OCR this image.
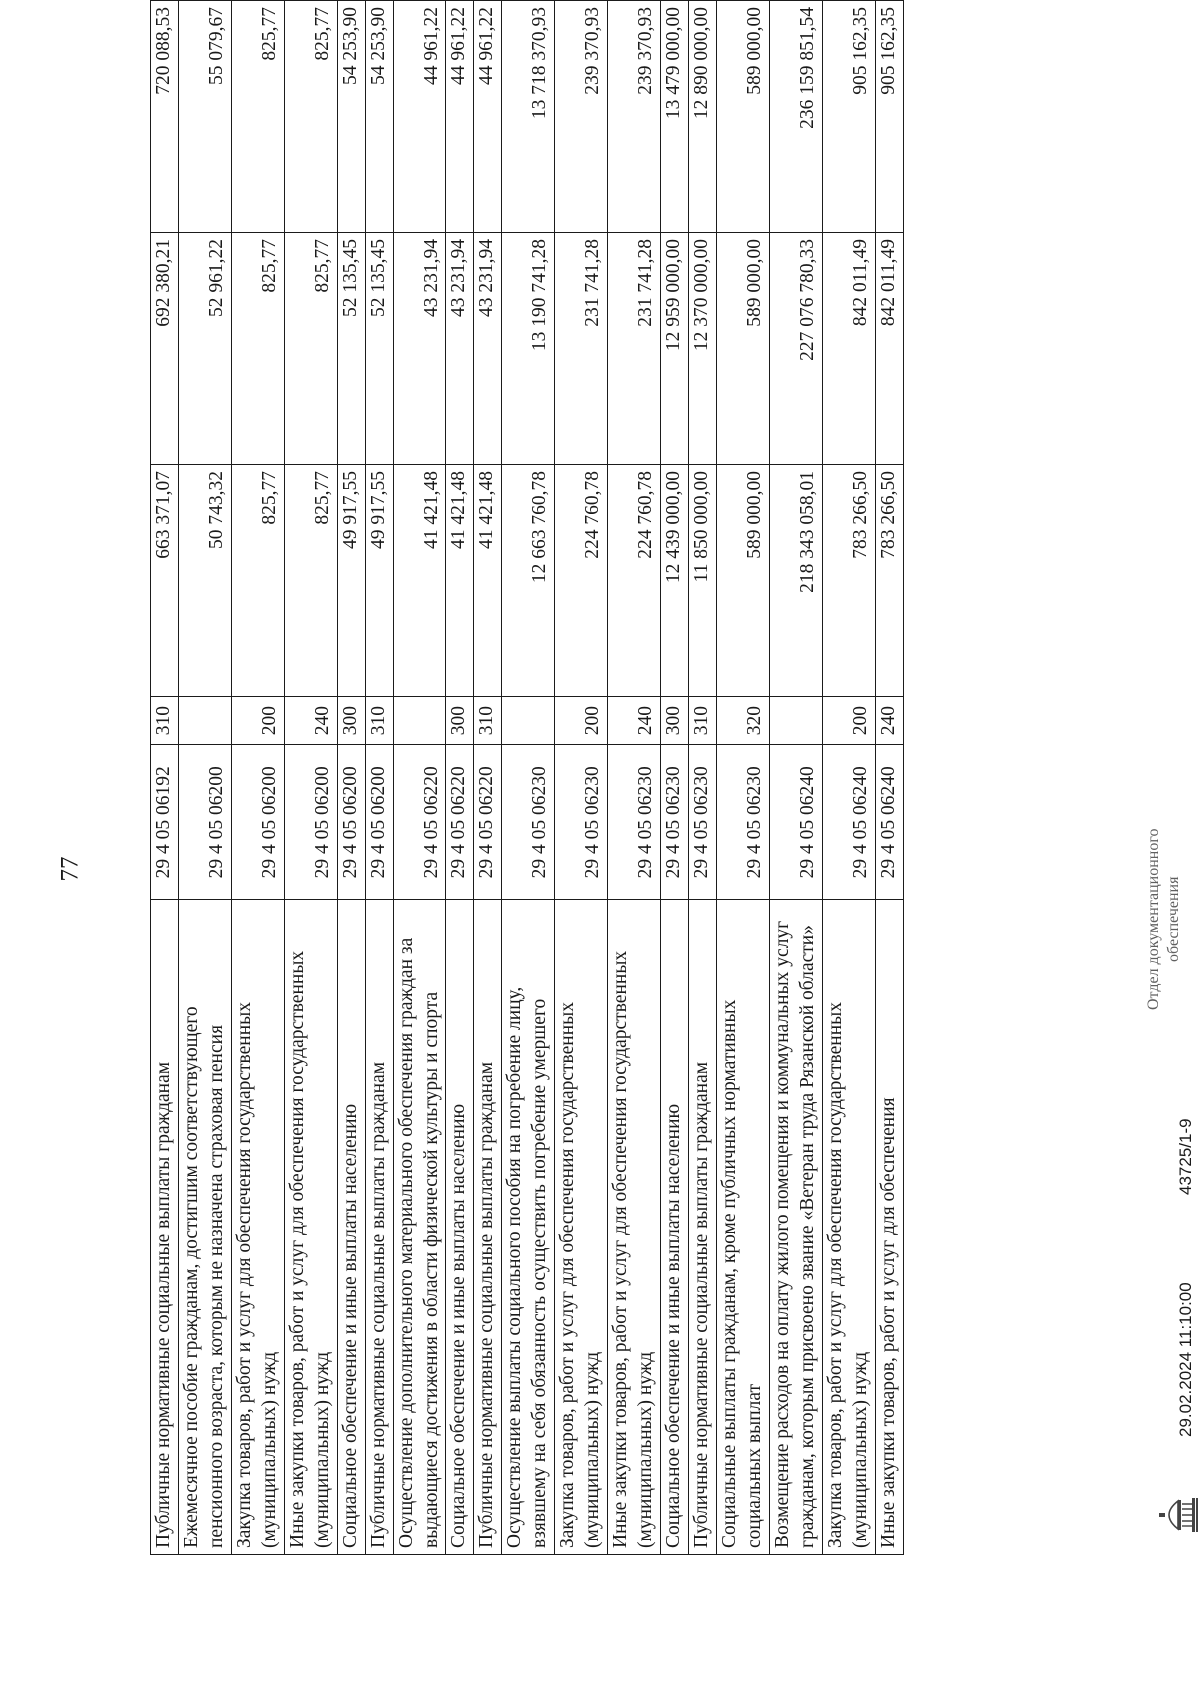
77
Публичные нормативные социальные выплаты гражданам	29 4 05 06192	310	663 371,07	692 380,21	720 088,53
Ежемесячное пособие гражданам, достигшим соответствующего пенсионного возраста, которым не назначена страховая пенсия	29 4 05 06200		50 743,32	52 961,22	55 079,67
Закупка товаров, работ и услуг для обеспечения государственных (муниципальных) нужд	29 4 05 06200	200	825,77	825,77	825,77
Иные закупки товаров, работ и услуг для обеспечения государственных (муниципальных) нужд	29 4 05 06200	240	825,77	825,77	825,77
Социальное обеспечение и иные выплаты населению	29 4 05 06200	300	49 917,55	52 135,45	54 253,90
Публичные нормативные социальные выплаты гражданам	29 4 05 06200	310	49 917,55	52 135,45	54 253,90
Осуществление дополнительного материального обеспечения граждан за выдающиеся достижения в области физической культуры и спорта	29 4 05 06220		41 421,48	43 231,94	44 961,22
Социальное обеспечение и иные выплаты населению	29 4 05 06220	300	41 421,48	43 231,94	44 961,22
Публичные нормативные социальные выплаты гражданам	29 4 05 06220	310	41 421,48	43 231,94	44 961,22
Осуществление выплаты социального пособия на погребение лицу, взявшему на себя обязанность осуществить погребение умершего	29 4 05 06230		12 663 760,78	13 190 741,28	13 718 370,93
Закупка товаров, работ и услуг для обеспечения государственных (муниципальных) нужд	29 4 05 06230	200	224 760,78	231 741,28	239 370,93
Иные закупки товаров, работ и услуг для обеспечения государственных (муниципальных) нужд	29 4 05 06230	240	224 760,78	231 741,28	239 370,93
Социальное обеспечение и иные выплаты населению	29 4 05 06230	300	12 439 000,00	12 959 000,00	13 479 000,00
Публичные нормативные социальные выплаты гражданам	29 4 05 06230	310	11 850 000,00	12 370 000,00	12 890 000,00
Социальные выплаты гражданам, кроме публичных нормативных социальных выплат	29 4 05 06230	320	589 000,00	589 000,00	589 000,00
Возмещение расходов на оплату жилого помещения и коммунальных услуг гражданам, которым присвоено звание «Ветеран труда Рязанской области»	29 4 05 06240		218 343 058,01	227 076 780,33	236 159 851,54
Закупка товаров, работ и услуг для обеспечения государственных (муниципальных) нужд	29 4 05 06240	200	783 266,50	842 011,49	905 162,35
Иные закупки товаров, работ и услуг для обеспечения	29 4 05 06240	240	783 266,50	842 011,49	905 162,35
29.02.2024 11:10:00
43725/1-9
Отдел документационного обеспечения
